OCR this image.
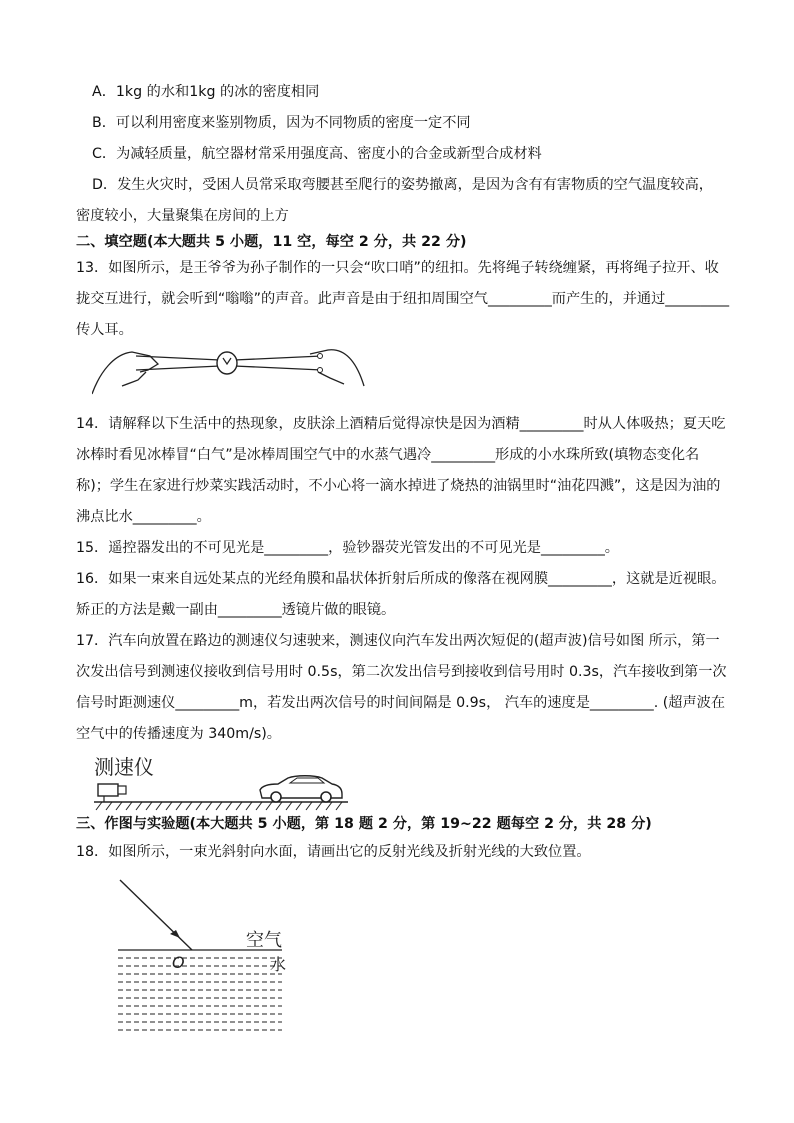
A．1kg 的水和1kg 的冰的密度相同
B．可以利用密度来鉴别物质，因为不同物质的密度一定不同
C．为减轻质量，航空器材常采用强度高、密度小的合金或新型合成材料
D．发生火灾时，受困人员常采取弯腰甚至爬行的姿势撤离，是因为含有有害物质的空气温度较高，
密度较小，大量聚集在房间的上方
二、填空题(本大题共 5 小题，11 空，每空 2 分，共 22 分)
13．如图所示，是王爷爷为孙子制作的一只会“吹口哨”的纽扣。先将绳子转绕缠紧，再将绳子拉开、收
拢交互进行，就会听到“嗡嗡”的声音。此声音是由于纽扣周围空气_________而产生的，并通过_________
传人耳。
14．请解释以下生活中的热现象，皮肤涂上酒精后觉得凉快是因为酒精_________时从人体吸热；夏天吃
冰棒时看见冰棒冒“白气”是冰棒周围空气中的水蒸气遇冷_________形成的小水珠所致(填物态变化名
称)；学生在家进行炒菜实践活动时，不小心将一滴水掉进了烧热的油锅里时“油花四溅”，这是因为油的
沸点比水_________。
15．遥控器发出的不可见光是_________，验钞器荧光管发出的不可见光是_________。
16．如果一束来自远处某点的光经角膜和晶状体折射后所成的像落在视网膜_________，这就是近视眼。
矫正的方法是戴一副由_________透镜片做的眼镜。
17．汽车向放置在路边的测速仪匀速驶来，测速仪向汽车发出两次短促的(超声波)信号如图 所示，第一
次发出信号到测速仪接收到信号用时 0.5s，第二次发出信号到接收到信号用时 0.3s，汽车接收到第一次
信号时距测速仪_________m，若发出两次信号的时间间隔是 0.9s， 汽车的速度是_________. (超声波在
空气中的传播速度为 340m/s)。
测速仪
三、作图与实验题(本大题共 5 小题，第 18 题 2 分，第 19~22 题每空 2 分，共 28 分)
18．如图所示，一束光斜射向水面，请画出它的反射光线及折射光线的大致位置。
空气
水
O
